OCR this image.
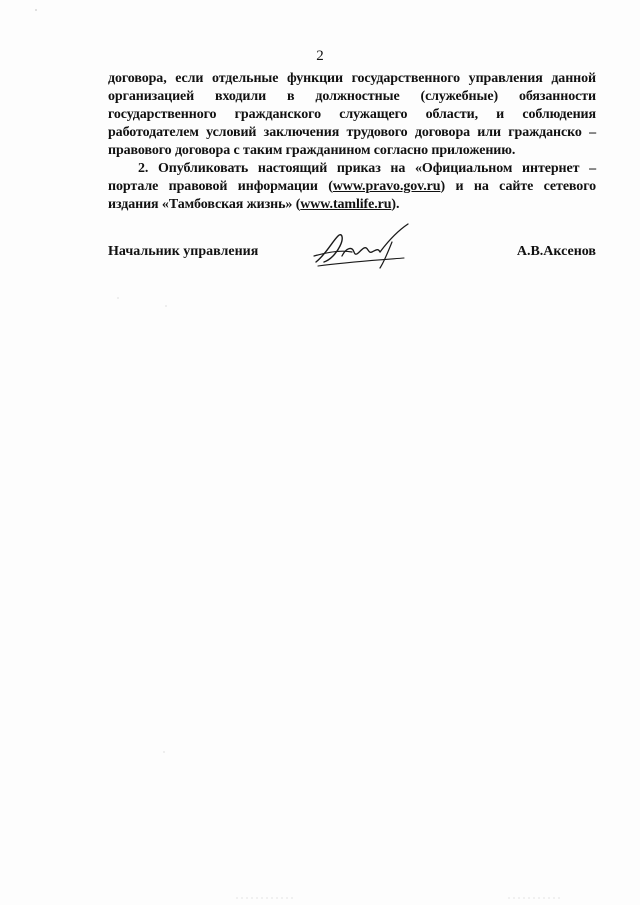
2

договора, если отдельные функции государственного управления данной организацией входили в должностные (служебные) обязанности государственного гражданского служащего области, и соблюдения работодателем условий заключения трудового договора или гражданско – правового договора с таким гражданином согласно приложению.

2. Опубликовать настоящий приказ на «Официальном интернет – портале правовой информации (www.pravo.gov.ru) и на сайте сетевого издания «Тамбовская жизнь» (www.tamlife.ru).

Начальник управления	А.В.Аксенов
